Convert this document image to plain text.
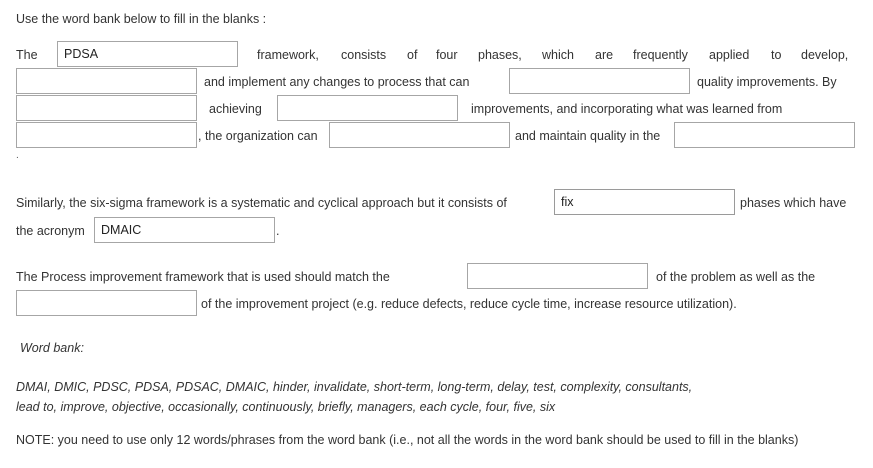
Use the word bank below to fill in the blanks :
The	PDSA	framework, consists of four phases, which are frequently applied to develop,
and implement any changes to process that can	quality improvements. By
achieving	improvements, and incorporating what was learned from
, the organization can	and maintain quality in the
.
Similarly, the six-sigma framework is a systematic and cyclical approach but it consists of	fix	phases which have
the acronym	DMAIC	.
The Process improvement framework that is used should match the	of the problem as well as the
of the improvement project (e.g. reduce defects, reduce cycle time, increase resource utilization).
Word bank:
DMAI, DMIC, PDSC, PDSA, PDSAC, DMAIC, hinder, invalidate, short-term, long-term, delay, test, complexity, consultants,
lead to, improve, objective, occasionally, continuously, briefly, managers, each cycle, four, five, six
NOTE: you need to use only 12 words/phrases from the word bank (i.e., not all the words in the word bank should be used to fill in the blanks)
